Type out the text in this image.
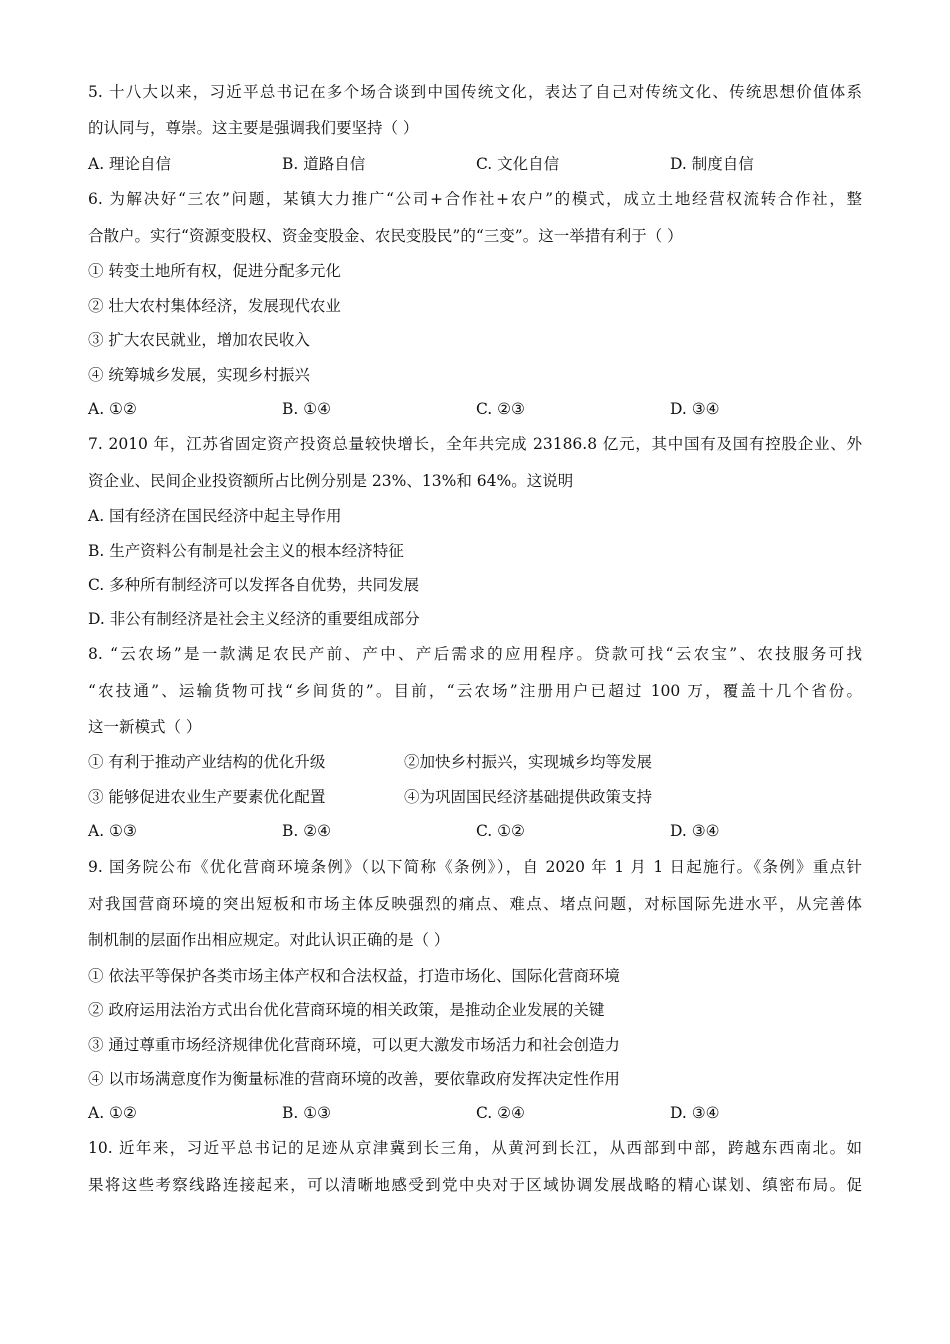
5. 十八大以来，习近平总书记在多个场合谈到中国传统文化，表达了自己对传统文化、传统思想价值体系
的认同与，尊崇。这主要是强调我们要坚持（ ）
A. 理论自信	B. 道路自信	C. 文化自信	D. 制度自信
6. 为解决好“三农”问题，某镇大力推广“公司+合作社+农户”的模式，成立土地经营权流转合作社，整
合散户。实行“资源变股权、资金变股金、农民变股民”的“三变”。这一举措有利于（ ）
① 转变土地所有权，促进分配多元化
② 壮大农村集体经济，发展现代农业
③ 扩大农民就业，增加农民收入
④ 统筹城乡发展，实现乡村振兴
A. ①②	B. ①④	C. ②③	D. ③④
7. 2010 年，江苏省固定资产投资总量较快增长，全年共完成 23186.8 亿元，其中国有及国有控股企业、外
资企业、民间企业投资额所占比例分别是 23%、13%和 64%。这说明
A. 国有经济在国民经济中起主导作用
B. 生产资料公有制是社会主义的根本经济特征
C. 多种所有制经济可以发挥各自优势，共同发展
D. 非公有制经济是社会主义经济的重要组成部分
8. “云农场”是一款满足农民产前、产中、产后需求的应用程序。贷款可找“云农宝”、农技服务可找
“农技通”、运输货物可找“乡间货的”。目前，“云农场”注册用户已超过 100 万，覆盖十几个省份。
这一新模式（ ）
① 有利于推动产业结构的优化升级	②加快乡村振兴，实现城乡均等发展
③ 能够促进农业生产要素优化配置	④为巩固国民经济基础提供政策支持
A. ①③	B. ②④	C. ①②	D. ③④
9. 国务院公布《优化营商环境条例》（以下简称《条例》），自 2020 年 1 月 1 日起施行。《条例》重点针
对我国营商环境的突出短板和市场主体反映强烈的痛点、难点、堵点问题，对标国际先进水平，从完善体
制机制的层面作出相应规定。对此认识正确的是（ ）
① 依法平等保护各类市场主体产权和合法权益，打造市场化、国际化营商环境
② 政府运用法治方式出台优化营商环境的相关政策，是推动企业发展的关键
③ 通过尊重市场经济规律优化营商环境，可以更大激发市场活力和社会创造力
④ 以市场满意度作为衡量标准的营商环境的改善，要依靠政府发挥决定性作用
A. ①②	B. ①③	C. ②④	D. ③④
10. 近年来，习近平总书记的足迹从京津冀到长三角，从黄河到长江，从西部到中部，跨越东西南北。如
果将这些考察线路连接起来，可以清晰地感受到党中央对于区域协调发展战略的精心谋划、缜密布局。促
